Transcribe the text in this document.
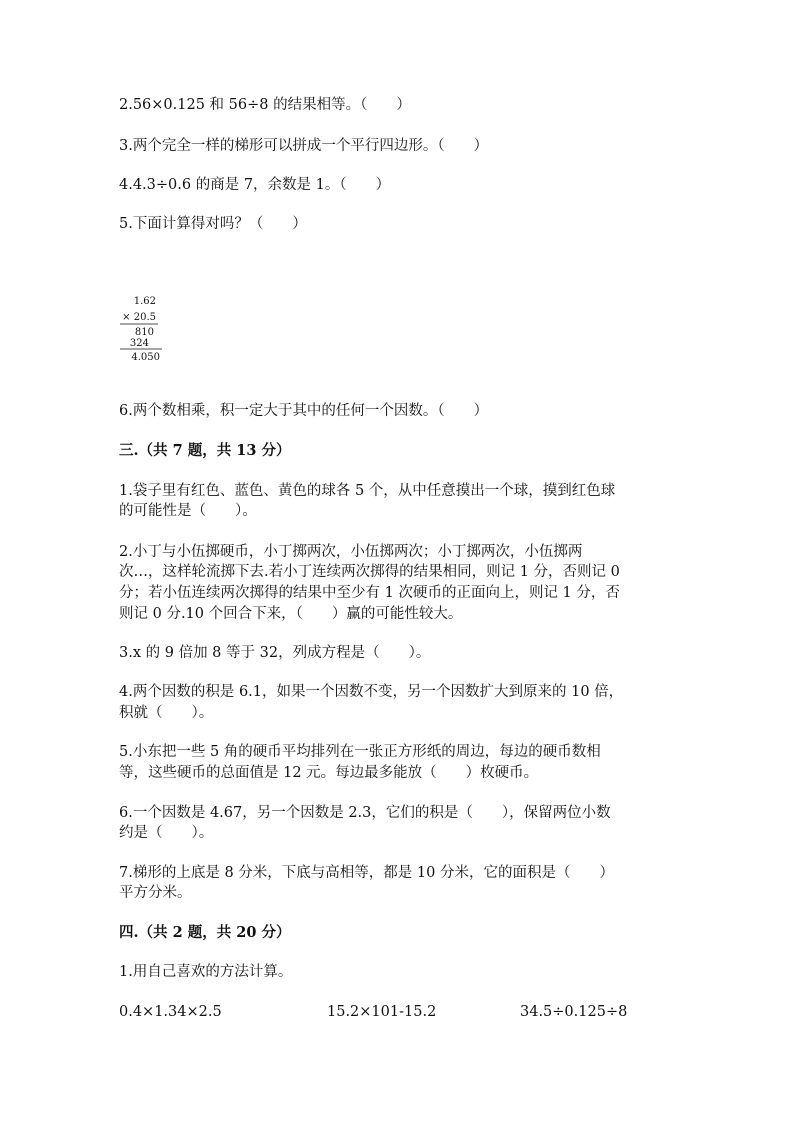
2.56×0.125 和 56÷8 的结果相等。（　　）
3.两个完全一样的梯形可以拼成一个平行四边形。（　　）
4.4.3÷0.6 的商是 7，余数是 1。（　　）
5.下面计算得对吗？（　　）
1.62
× 20.5
810
324
4.050
6.两个数相乘，积一定大于其中的任何一个因数。（　　）
三.（共 7 题，共 13 分）
1.袋子里有红色、蓝色、黄色的球各 5 个，从中任意摸出一个球，摸到红色球
的可能性是（　　）。
2.小丁与小伍掷硬币，小丁掷两次，小伍掷两次；小丁掷两次，小伍掷两
次…，这样轮流掷下去.若小丁连续两次掷得的结果相同，则记 1 分，否则记 0
分；若小伍连续两次掷得的结果中至少有 1 次硬币的正面向上，则记 1 分，否
则记 0 分.10 个回合下来，（　　）赢的可能性较大。
3.x 的 9 倍加 8 等于 32，列成方程是（　　）。
4.两个因数的积是 6.1，如果一个因数不变，另一个因数扩大到原来的 10 倍，
积就（　　）。
5.小东把一些 5 角的硬币平均排列在一张正方形纸的周边，每边的硬币数相
等，这些硬币的总面值是 12 元。每边最多能放（　　）枚硬币。
6.一个因数是 4.67，另一个因数是 2.3，它们的积是（　　），保留两位小数
约是（　　）。
7.梯形的上底是 8 分米，下底与高相等，都是 10 分米，它的面积是（　　）
平方分米。
四.（共 2 题，共 20 分）
1.用自己喜欢的方法计算。
0.4×1.34×2.5	15.2×101-15.2	34.5÷0.125÷8
